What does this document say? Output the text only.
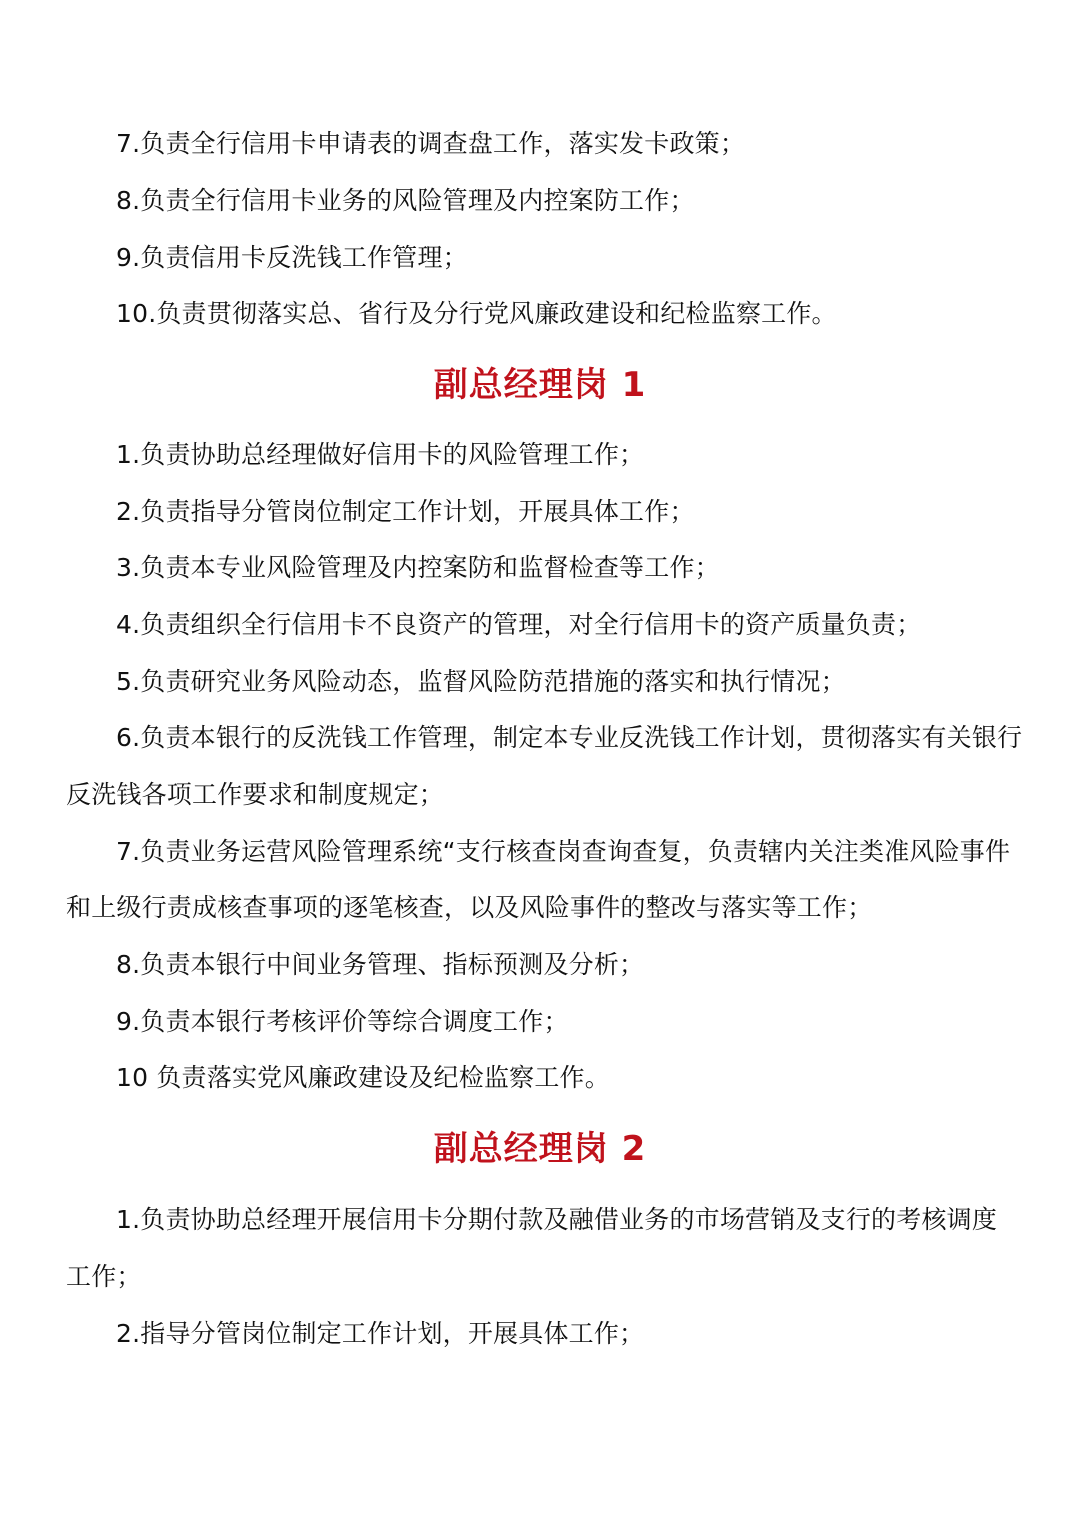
7.负责全行信用卡申请表的调查盘工作，落实发卡政策；
8.负责全行信用卡业务的风险管理及内控案防工作；
9.负责信用卡反洗钱工作管理；
10.负责贯彻落实总、省行及分行党风廉政建设和纪检监察工作。
副总经理岗 1
1.负责协助总经理做好信用卡的风险管理工作；
2.负责指导分管岗位制定工作计划，开展具体工作；
3.负责本专业风险管理及内控案防和监督检查等工作；
4.负责组织全行信用卡不良资产的管理，对全行信用卡的资产质量负责；
5.负责研究业务风险动态，监督风险防范措施的落实和执行情况；
6.负责本银行的反洗钱工作管理，制定本专业反洗钱工作计划，贯彻落实有关银行
反洗钱各项工作要求和制度规定；
7.负责业务运营风险管理系统“支行核查岗查询查复，负责辖内关注类准风险事件
和上级行责成核查事项的逐笔核查，以及风险事件的整改与落实等工作；
8.负责本银行中间业务管理、指标预测及分析；
9.负责本银行考核评价等综合调度工作；
10 负责落实党风廉政建设及纪检监察工作。
副总经理岗 2
1.负责协助总经理开展信用卡分期付款及融借业务的市场营销及支行的考核调度
工作；
2.指导分管岗位制定工作计划，开展具体工作；
